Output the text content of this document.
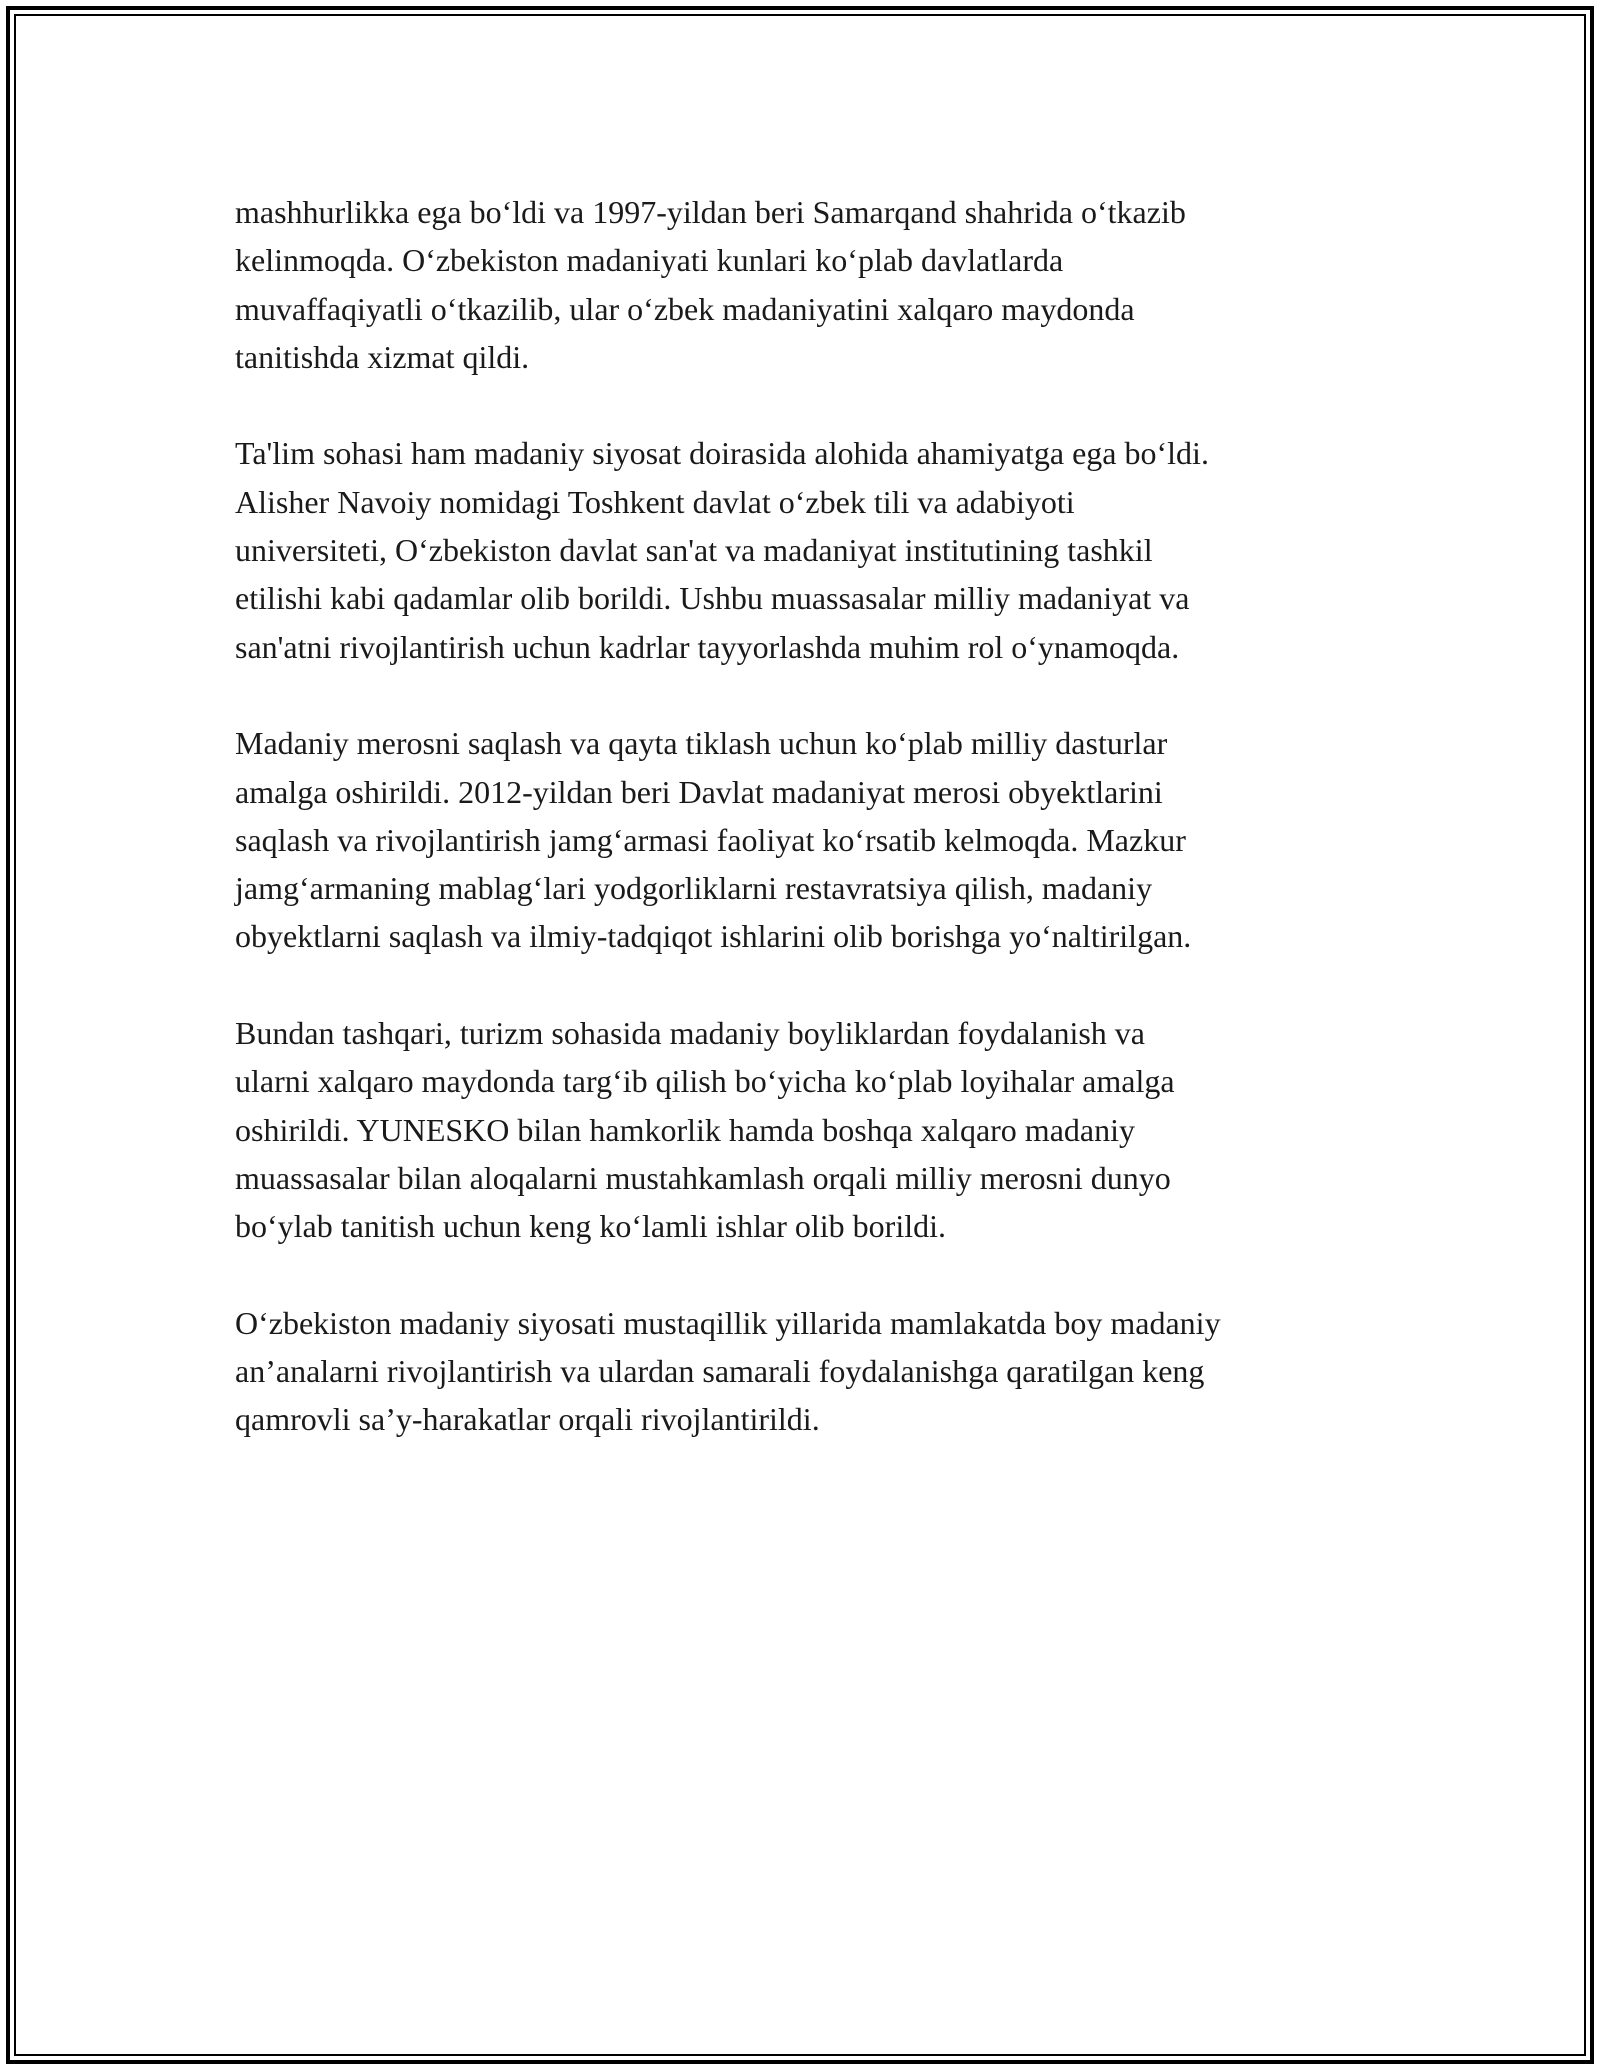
mashhurlikka ega bo‘ldi va 1997-yildan beri Samarqand shahrida o‘tkazib
kelinmoqda. O‘zbekiston madaniyati kunlari ko‘plab davlatlarda
muvaffaqiyatli o‘tkazilib, ular o‘zbek madaniyatini xalqaro maydonda
tanitishda xizmat qildi.

Ta'lim sohasi ham madaniy siyosat doirasida alohida ahamiyatga ega bo‘ldi.
Alisher Navoiy nomidagi Toshkent davlat o‘zbek tili va adabiyoti
universiteti, O‘zbekiston davlat san'at va madaniyat institutining tashkil
etilishi kabi qadamlar olib borildi. Ushbu muassasalar milliy madaniyat va
san'atni rivojlantirish uchun kadrlar tayyorlashda muhim rol o‘ynamoqda.

Madaniy merosni saqlash va qayta tiklash uchun ko‘plab milliy dasturlar
amalga oshirildi. 2012-yildan beri Davlat madaniyat merosi obyektlarini
saqlash va rivojlantirish jamg‘armasi faoliyat ko‘rsatib kelmoqda. Mazkur
jamg‘armaning mablag‘lari yodgorliklarni restavratsiya qilish, madaniy
obyektlarni saqlash va ilmiy-tadqiqot ishlarini olib borishga yo‘naltirilgan.

Bundan tashqari, turizm sohasida madaniy boyliklardan foydalanish va
ularni xalqaro maydonda targ‘ib qilish bo‘yicha ko‘plab loyihalar amalga
oshirildi. YUNESKO bilan hamkorlik hamda boshqa xalqaro madaniy
muassasalar bilan aloqalarni mustahkamlash orqali milliy merosni dunyo
bo‘ylab tanitish uchun keng ko‘lamli ishlar olib borildi.

O‘zbekiston madaniy siyosati mustaqillik yillarida mamlakatda boy madaniy
an’analarni rivojlantirish va ulardan samarali foydalanishga qaratilgan keng
qamrovli sa’y-harakatlar orqali rivojlantirildi.
